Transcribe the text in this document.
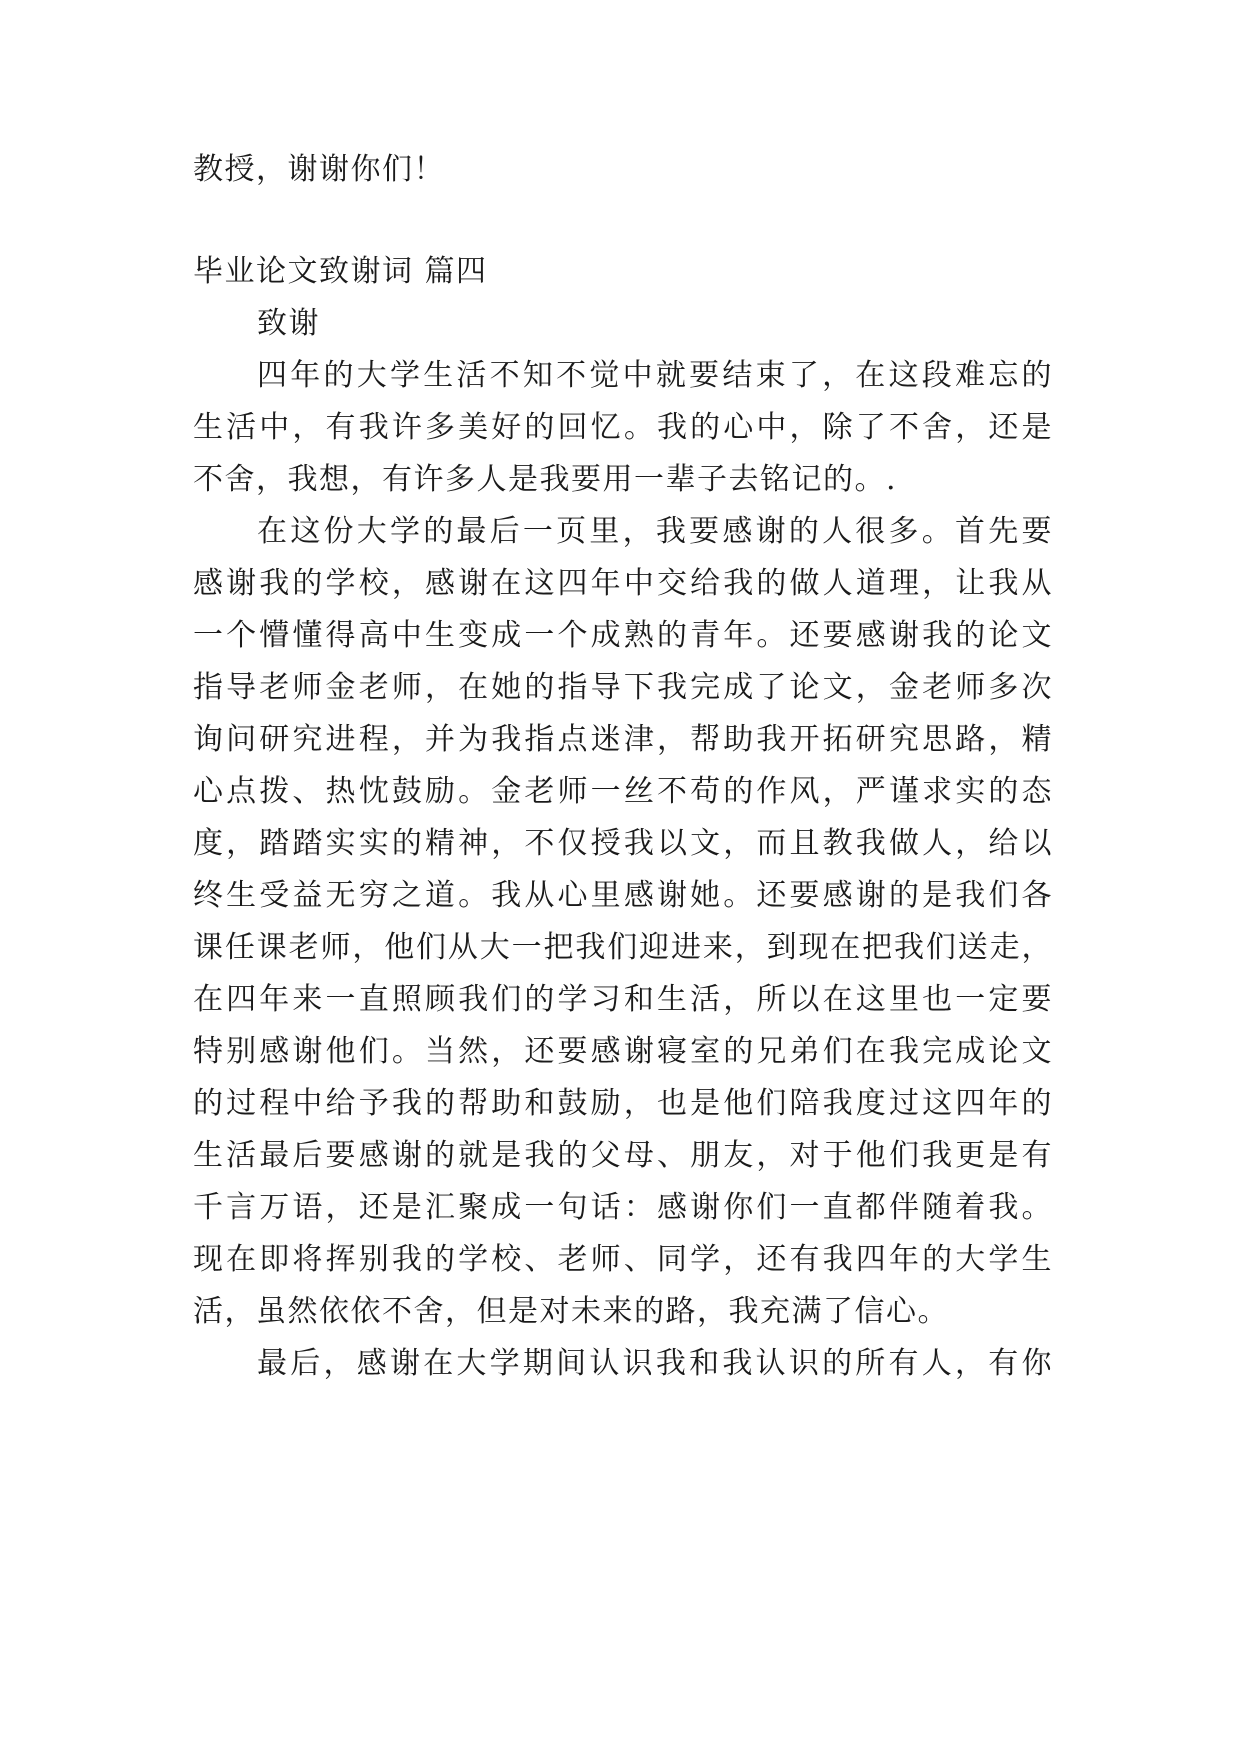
教授，谢谢你们！
毕业论文致谢词 篇四
致谢
四年的大学生活不知不觉中就要结束了，在这段难忘的
生活中，有我许多美好的回忆。我的心中，除了不舍，还是
不舍，我想，有许多人是我要用一辈子去铭记的。.
在这份大学的最后一页里，我要感谢的人很多。首先要
感谢我的学校，感谢在这四年中交给我的做人道理，让我从
一个懵懂得高中生变成一个成熟的青年。还要感谢我的论文
指导老师金老师，在她的指导下我完成了论文，金老师多次
询问研究进程，并为我指点迷津，帮助我开拓研究思路，精
心点拨、热忱鼓励。金老师一丝不苟的作风，严谨求实的态
度，踏踏实实的精神，不仅授我以文，而且教我做人，给以
终生受益无穷之道。我从心里感谢她。还要感谢的是我们各
课任课老师，他们从大一把我们迎进来，到现在把我们送走，
在四年来一直照顾我们的学习和生活，所以在这里也一定要
特别感谢他们。当然，还要感谢寝室的兄弟们在我完成论文
的过程中给予我的帮助和鼓励，也是他们陪我度过这四年的
生活最后要感谢的就是我的父母、朋友，对于他们我更是有
千言万语，还是汇聚成一句话：感谢你们一直都伴随着我。
现在即将挥别我的学校、老师、同学，还有我四年的大学生
活，虽然依依不舍，但是对未来的路，我充满了信心。
最后，感谢在大学期间认识我和我认识的所有人，有你
